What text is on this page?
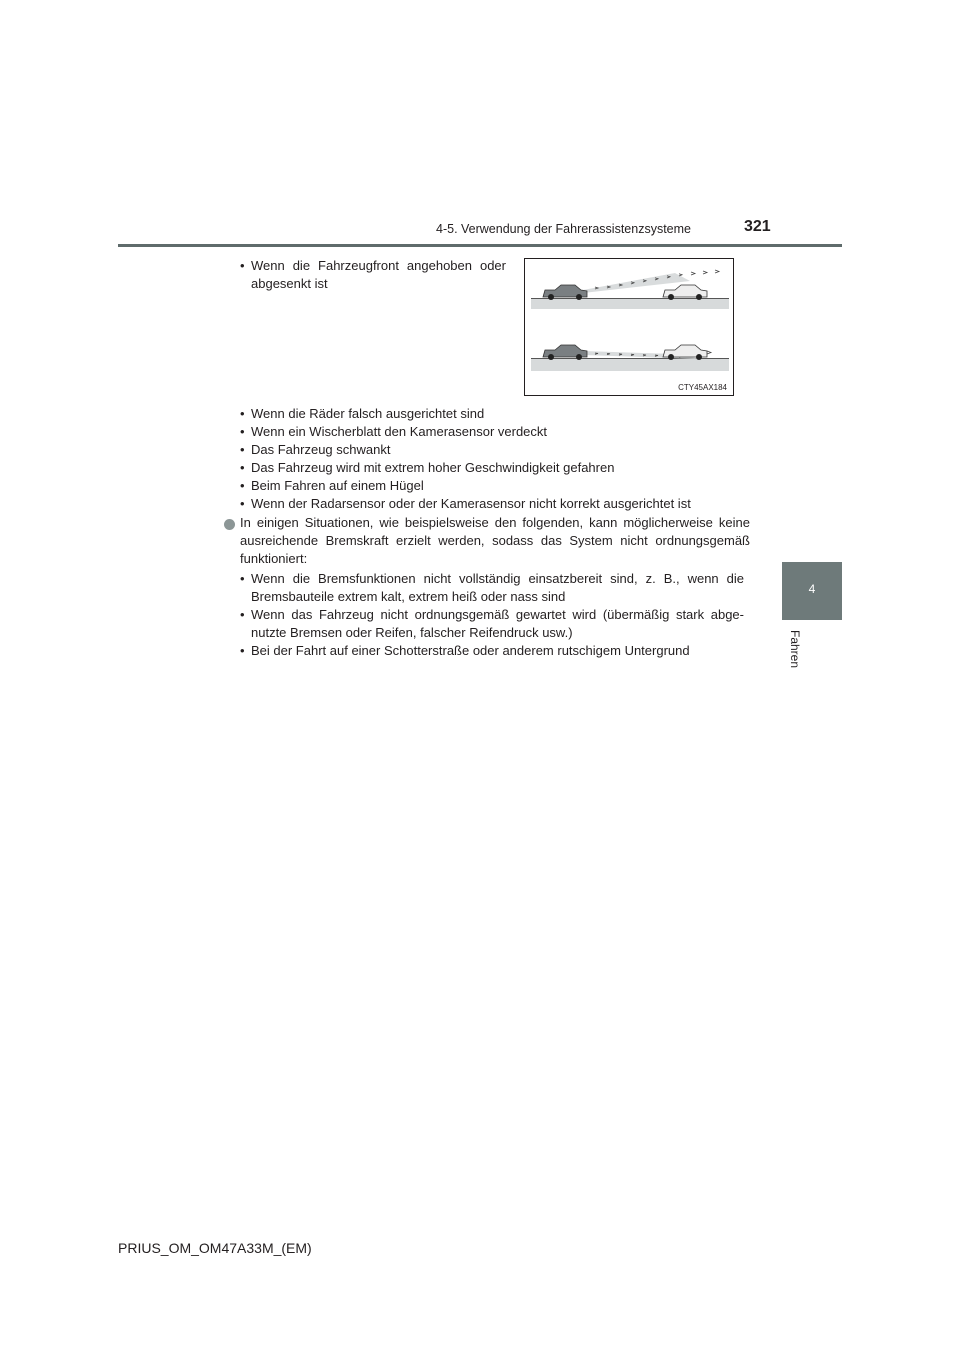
4-5. Verwendung der Fahrerassistenzsysteme	321
4
Fahren
• Wenn die Fahrzeugfront angehoben oder
abgesenkt ist
CTY45AX184
• Wenn die Räder falsch ausgerichtet sind
• Wenn ein Wischerblatt den Kamerasensor verdeckt
• Das Fahrzeug schwankt
• Das Fahrzeug wird mit extrem hoher Geschwindigkeit gefahren
• Beim Fahren auf einem Hügel
• Wenn der Radarsensor oder der Kamerasensor nicht korrekt ausgerichtet ist
In einigen Situationen, wie beispielsweise den folgenden, kann möglicherweise keine
ausreichende Bremskraft erzielt werden, sodass das System nicht ordnungsgemäß
funktioniert:
• Wenn die Bremsfunktionen nicht vollständig einsatzbereit sind, z. B., wenn die
Bremsbauteile extrem kalt, extrem heiß oder nass sind
• Wenn das Fahrzeug nicht ordnungsgemäß gewartet wird (übermäßig stark abge-
nutzte Bremsen oder Reifen, falscher Reifendruck usw.)
• Bei der Fahrt auf einer Schotterstraße oder anderem rutschigem Untergrund
PRIUS_OM_OM47A33M_(EM)
